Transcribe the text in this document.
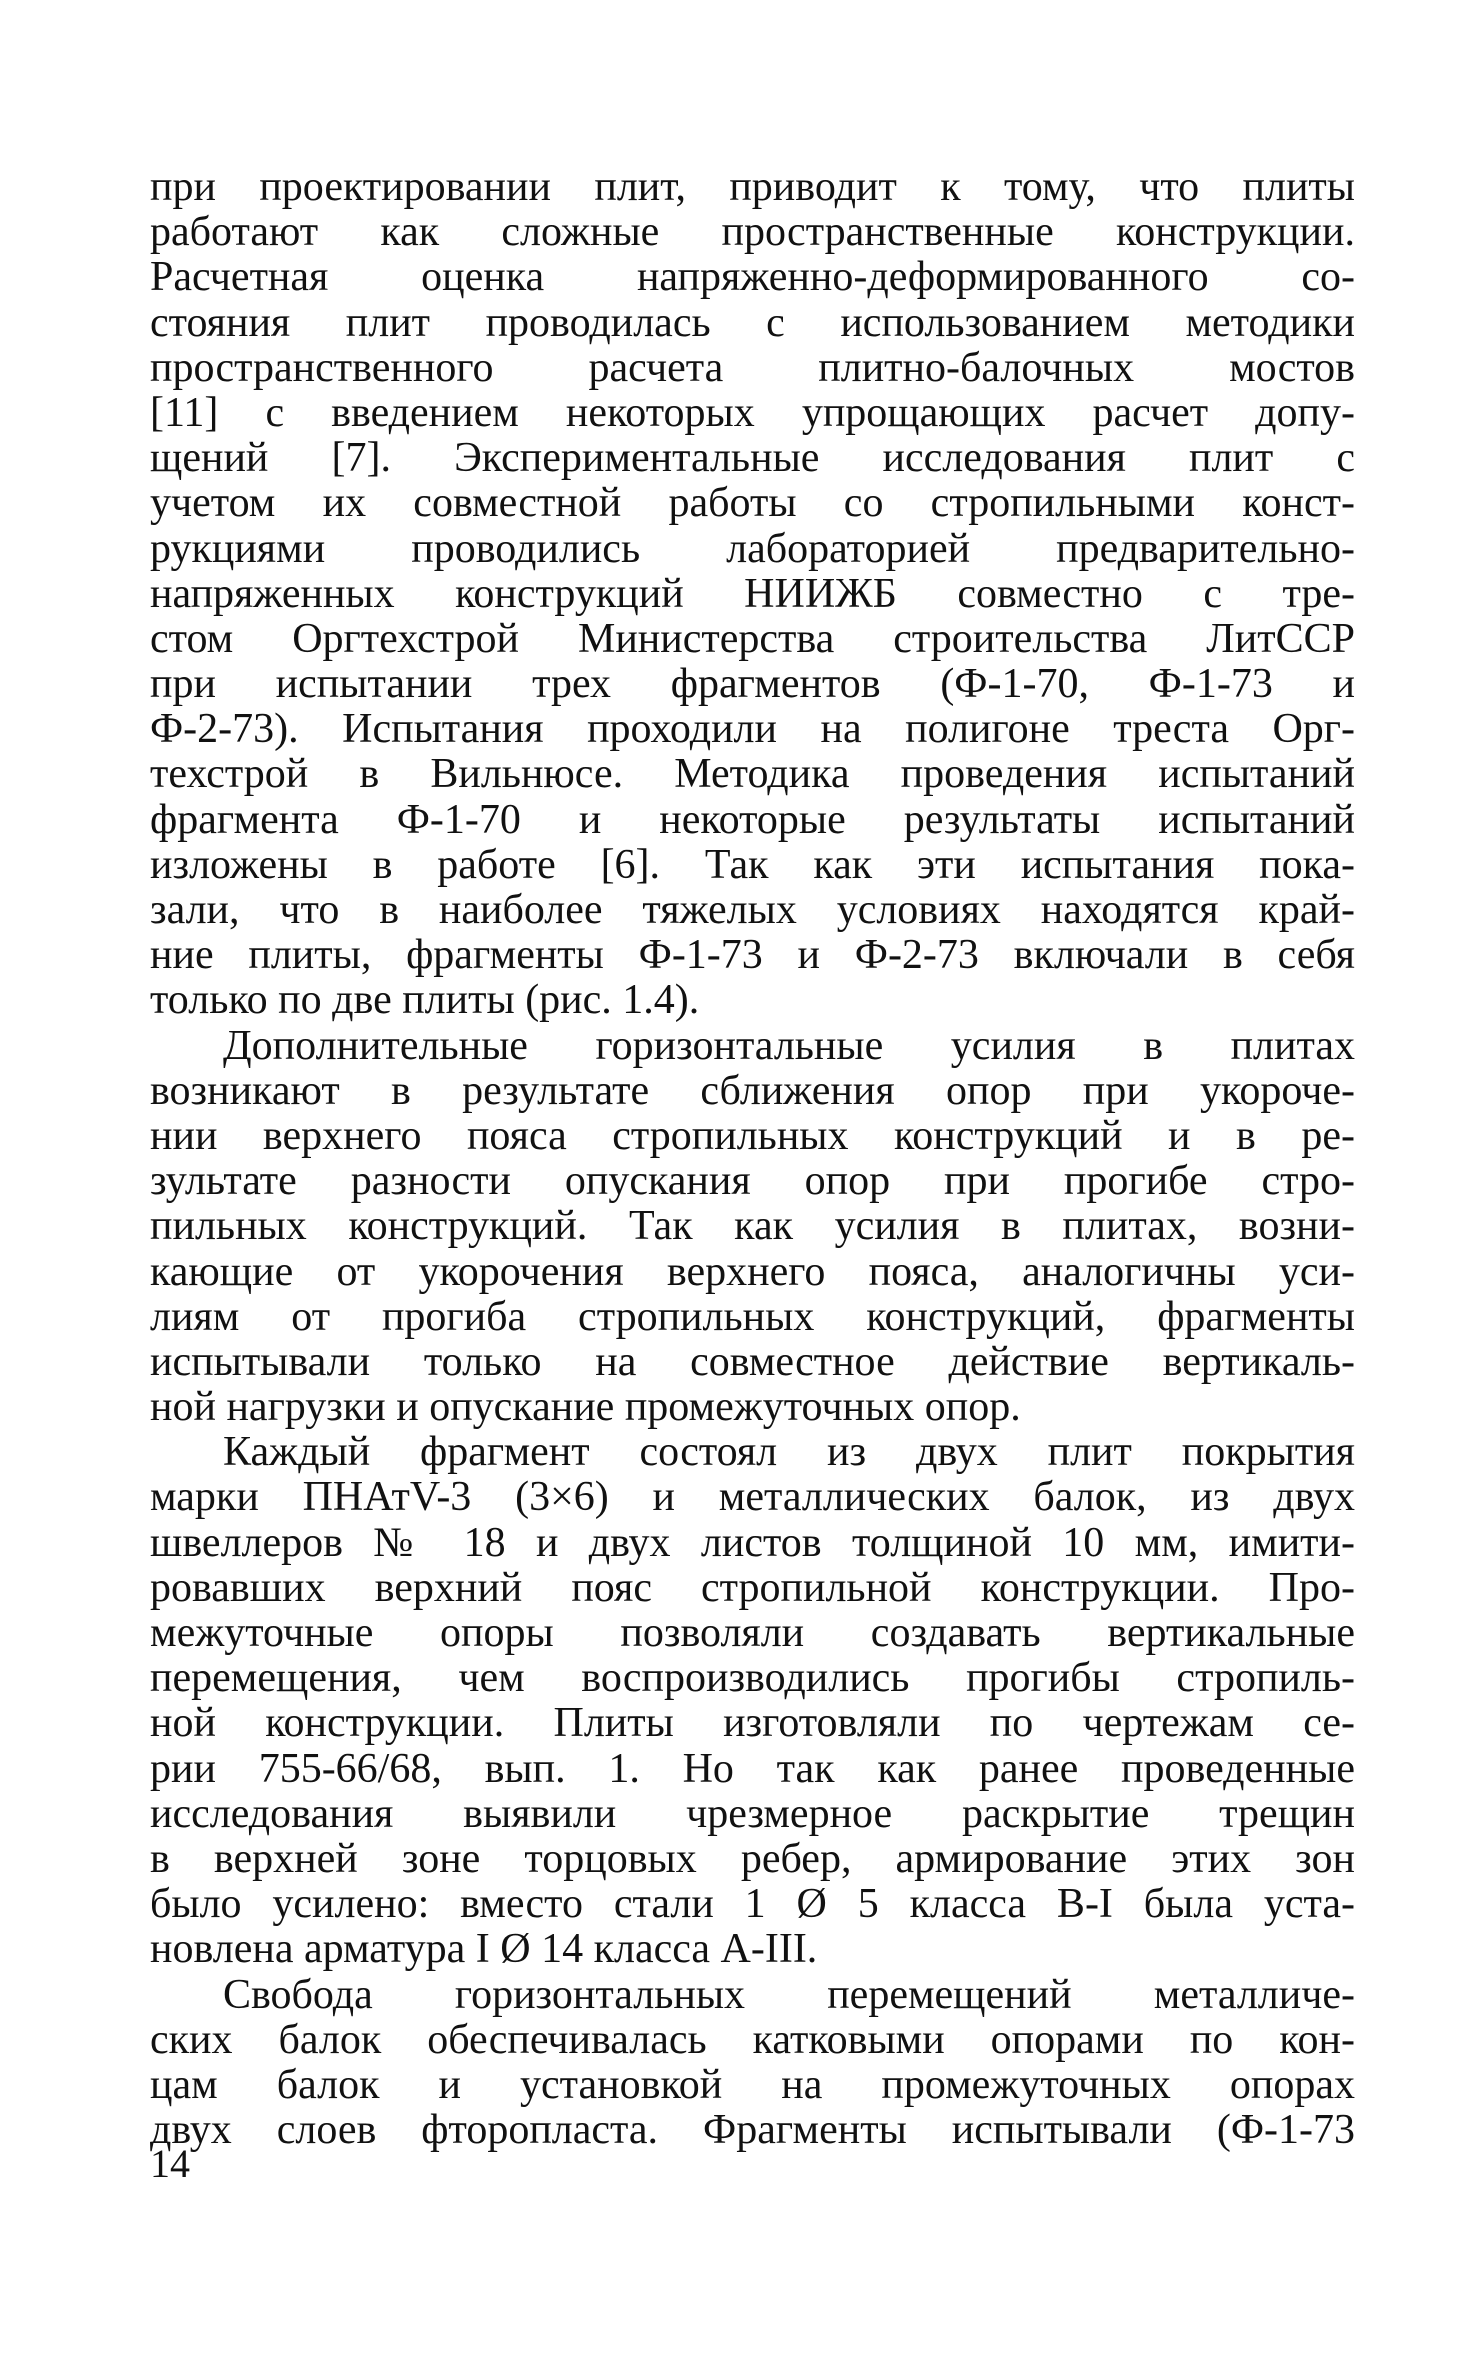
при проектировании плит, приводит к тому, что плиты
работают как сложные пространственные конструкции.
Расчетная оценка напряженно-деформированного со-
стояния плит проводилась с использованием методики
пространственного расчета плитно-балочных мостов
[11] с введением некоторых упрощающих расчет допу-
щений [7]. Экспериментальные исследования плит с
учетом их совместной работы со стропильными конст-
рукциями проводились лабораторией предварительно-
напряженных конструкций НИИЖБ совместно с тре-
стом Оргтехстрой Министерства строительства ЛитССР
при испытании трех фрагментов (Ф-1-70, Ф-1-73 и
Ф-2-73). Испытания проходили на полигоне треста Орг-
техстрой в Вильнюсе. Методика проведения испытаний
фрагмента Ф-1-70 и некоторые результаты испытаний
изложены в работе [6]. Так как эти испытания пока-
зали, что в наиболее тяжелых условиях находятся край-
ние плиты, фрагменты Ф-1-73 и Ф-2-73 включали в себя
только по две плиты (рис. 1.4).
Дополнительные горизонтальные усилия в плитах
возникают в результате сближения опор при укороче-
нии верхнего пояса стропильных конструкций и в ре-
зультате разности опускания опор при прогибе стро-
пильных конструкций. Так как усилия в плитах, возни-
кающие от укорочения верхнего пояса, аналогичны уси-
лиям от прогиба стропильных конструкций, фрагменты
испытывали только на совместное действие вертикаль-
ной нагрузки и опускание промежуточных опор.
Каждый фрагмент состоял из двух плит покрытия
марки ПНАтV-3 (3×6) и металлических балок, из двух
швеллеров № 18 и двух листов толщиной 10 мм, имити-
ровавших верхний пояс стропильной конструкции. Про-
межуточные опоры позволяли создавать вертикальные
перемещения, чем воспроизводились прогибы стропиль-
ной конструкции. Плиты изготовляли по чертежам се-
рии 755-66/68, вып. 1. Но так как ранее проведенные
исследования выявили чрезмерное раскрытие трещин
в верхней зоне торцовых ребер, армирование этих зон
было усилено: вместо стали 1 Ø 5 класса В-I была уста-
новлена арматура I Ø 14 класса А-III.
Свобода горизонтальных перемещений металличе-
ских балок обеспечивалась катковыми опорами по кон-
цам балок и установкой на промежуточных опорах
двух слоев фторопласта. Фрагменты испытывали (Ф-1-73
14
